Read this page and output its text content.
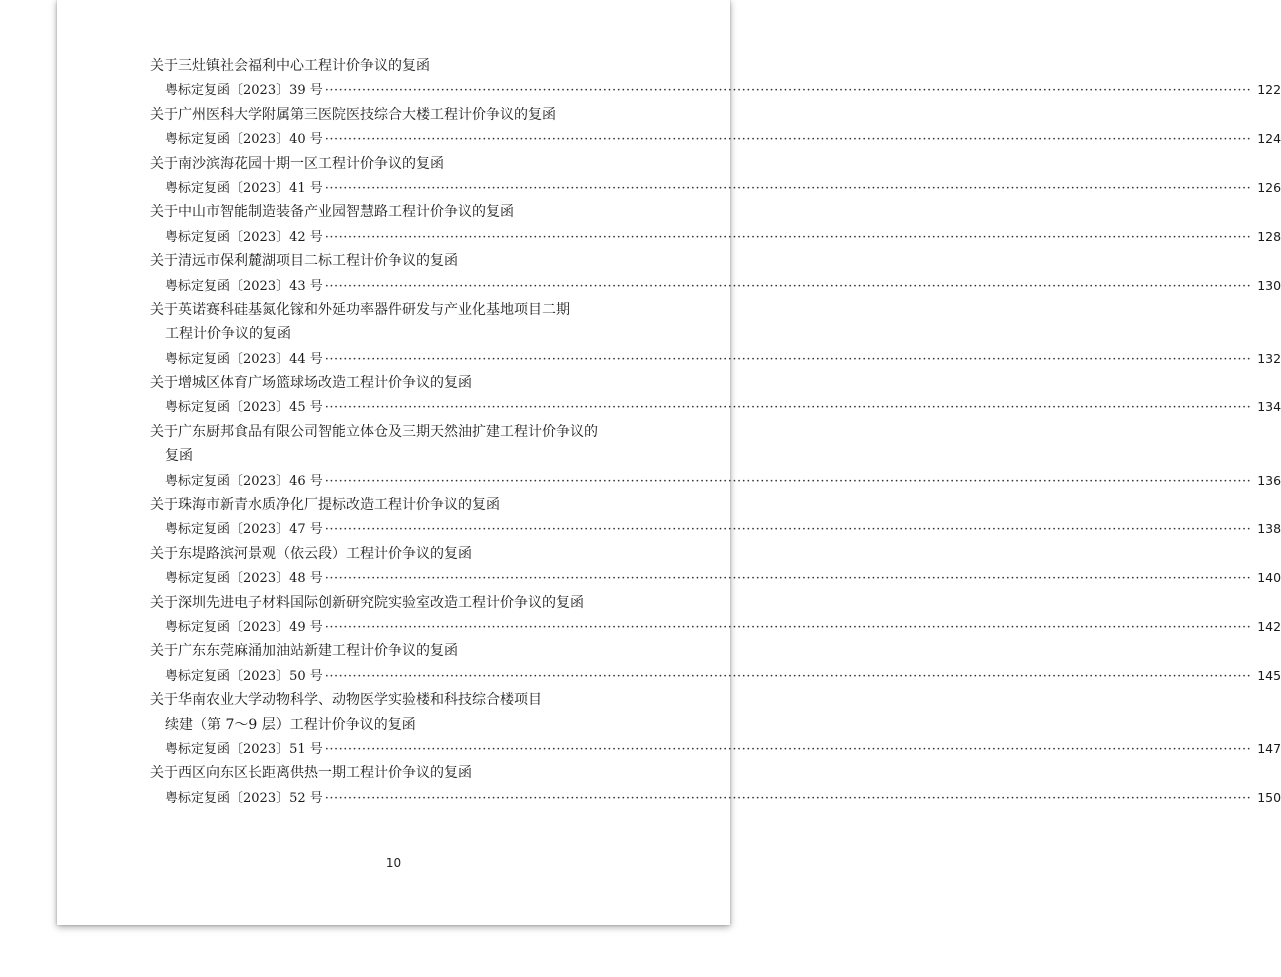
关于三灶镇社会福利中心工程计价争议的复函
粤标定复函〔2023〕39 号 ········································································································································································································ 122
关于广州医科大学附属第三医院医技综合大楼工程计价争议的复函
粤标定复函〔2023〕40 号 ········································································································································································································ 124
关于南沙滨海花园十期一区工程计价争议的复函
粤标定复函〔2023〕41 号 ········································································································································································································ 126
关于中山市智能制造装备产业园智慧路工程计价争议的复函
粤标定复函〔2023〕42 号 ········································································································································································································ 128
关于清远市保利麓湖项目二标工程计价争议的复函
粤标定复函〔2023〕43 号 ········································································································································································································ 130
关于英诺赛科硅基氮化镓和外延功率器件研发与产业化基地项目二期
工程计价争议的复函
粤标定复函〔2023〕44 号 ········································································································································································································ 132
关于增城区体育广场篮球场改造工程计价争议的复函
粤标定复函〔2023〕45 号 ········································································································································································································ 134
关于广东厨邦食品有限公司智能立体仓及三期天然油扩建工程计价争议的
复函
粤标定复函〔2023〕46 号 ········································································································································································································ 136
关于珠海市新青水质净化厂提标改造工程计价争议的复函
粤标定复函〔2023〕47 号 ········································································································································································································ 138
关于东堤路滨河景观（依云段）工程计价争议的复函
粤标定复函〔2023〕48 号 ········································································································································································································ 140
关于深圳先进电子材料国际创新研究院实验室改造工程计价争议的复函
粤标定复函〔2023〕49 号 ········································································································································································································ 142
关于广东东莞麻涌加油站新建工程计价争议的复函
粤标定复函〔2023〕50 号 ········································································································································································································ 145
关于华南农业大学动物科学、动物医学实验楼和科技综合楼项目
续建（第 7～9 层）工程计价争议的复函
粤标定复函〔2023〕51 号 ········································································································································································································ 147
关于西区向东区长距离供热一期工程计价争议的复函
粤标定复函〔2023〕52 号 ········································································································································································································ 150
10
